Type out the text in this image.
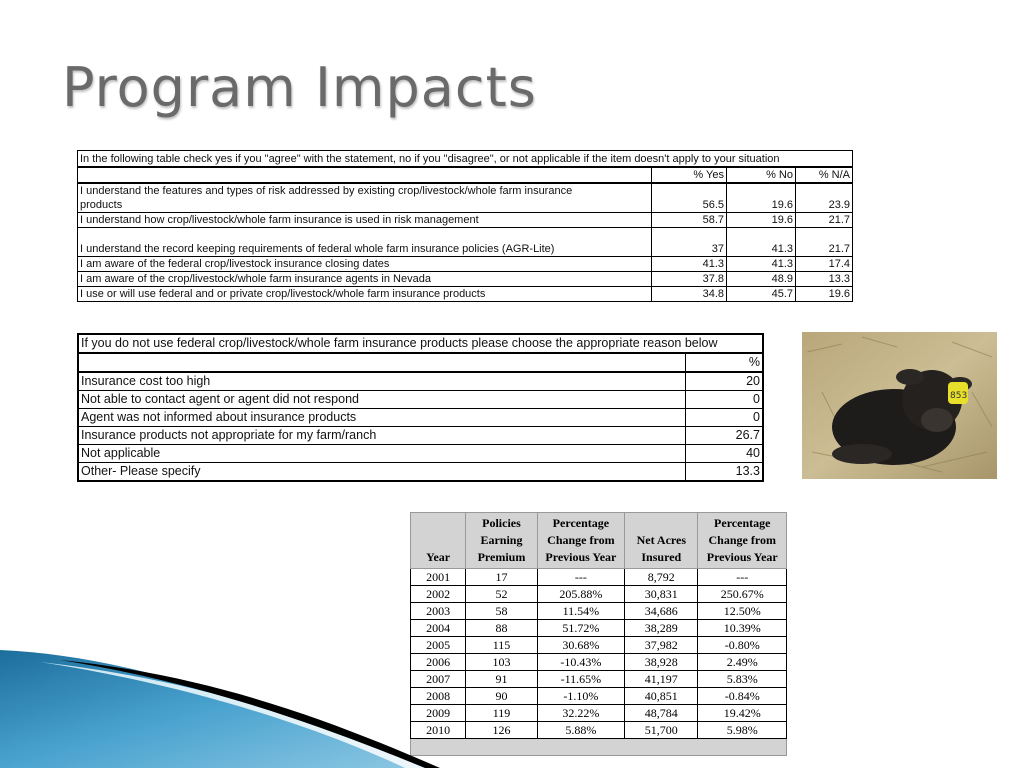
Program Impacts
In the following table check yes if you "agree" with the statement, no if you "disagree", or not applicable if the item doesn't apply to your situation			
	% Yes	% No	% N/A
I understand the features and types of risk addressed by existing crop/livestock/whole farm insurance products	56.5	19.6	23.9
I understand how crop/livestock/whole farm insurance is used in risk management	58.7	19.6	21.7
I understand the record keeping requirements of federal whole farm insurance policies (AGR-Lite)	37	41.3	21.7
I am aware of the federal crop/livestock insurance closing dates	41.3	41.3	17.4
I am aware of the crop/livestock/whole farm insurance agents in Nevada	37.8	48.9	13.3
I use or will use federal and or private crop/livestock/whole farm insurance products	34.8	45.7	19.6
If you do not use federal crop/livestock/whole farm insurance products please choose the appropriate reason below	
	%
Insurance cost too high	20
Not able to contact agent or agent did not respond	0
Agent was not informed about insurance products	0
Insurance products not appropriate for my farm/ranch	26.7
Not applicable	40
Other- Please specify	13.3
853
Year	Policies Earning Premium	Percentage Change from Previous Year	Net Acres Insured	Percentage Change from Previous Year
2001	17	---	8,792	---
2002	52	205.88%	30,831	250.67%
2003	58	11.54%	34,686	12.50%
2004	88	51.72%	38,289	10.39%
2005	115	30.68%	37,982	-0.80%
2006	103	-10.43%	38,928	2.49%
2007	91	-11.65%	41,197	5.83%
2008	90	-1.10%	40,851	-0.84%
2009	119	32.22%	48,784	19.42%
2010	126	5.88%	51,700	5.98%
